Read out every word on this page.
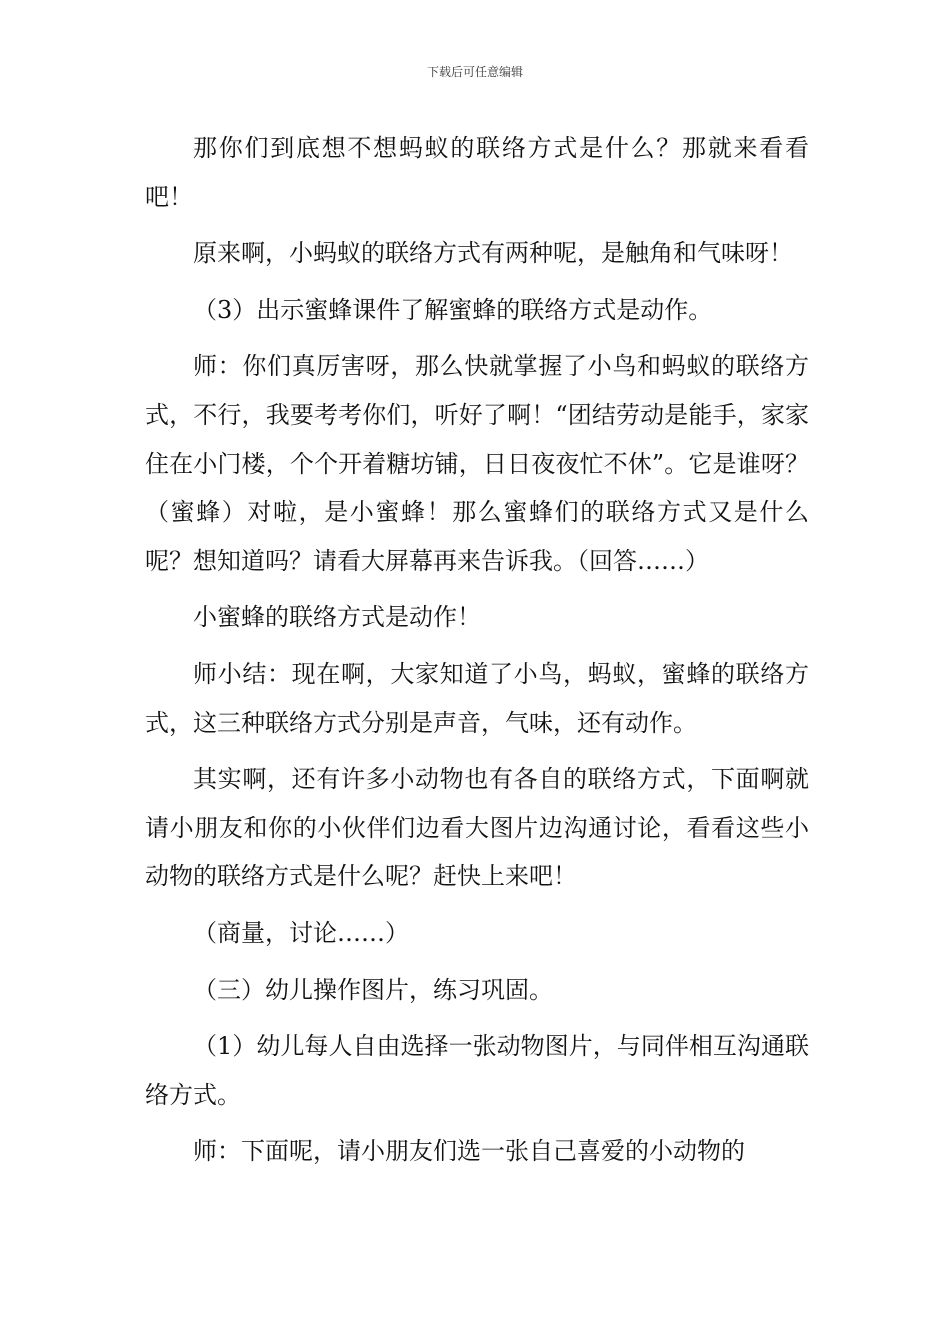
下载后可任意编辑

那你们到底想不想蚂蚁的联络方式是什么？那就来看看吧！

原来啊，小蚂蚁的联络方式有两种呢，是触角和气味呀！

（3）出示蜜蜂课件了解蜜蜂的联络方式是动作。

师：你们真厉害呀，那么快就掌握了小鸟和蚂蚁的联络方式，不行，我要考考你们，听好了啊！“团结劳动是能手，家家住在小门楼，个个开着糖坊铺，日日夜夜忙不休”。它是谁呀？（蜜蜂）对啦，是小蜜蜂！那么蜜蜂们的联络方式又是什么呢？想知道吗？请看大屏幕再来告诉我。（回答……）

小蜜蜂的联络方式是动作！

师小结：现在啊，大家知道了小鸟，蚂蚁，蜜蜂的联络方式，这三种联络方式分别是声音，气味，还有动作。

其实啊，还有许多小动物也有各自的联络方式，下面啊就请小朋友和你的小伙伴们边看大图片边沟通讨论，看看这些小动物的联络方式是什么呢？赶快上来吧！

（商量，讨论……）

（三）幼儿操作图片，练习巩固。

（1）幼儿每人自由选择一张动物图片，与同伴相互沟通联络方式。

师：下面呢，请小朋友们选一张自己喜爱的小动物的
